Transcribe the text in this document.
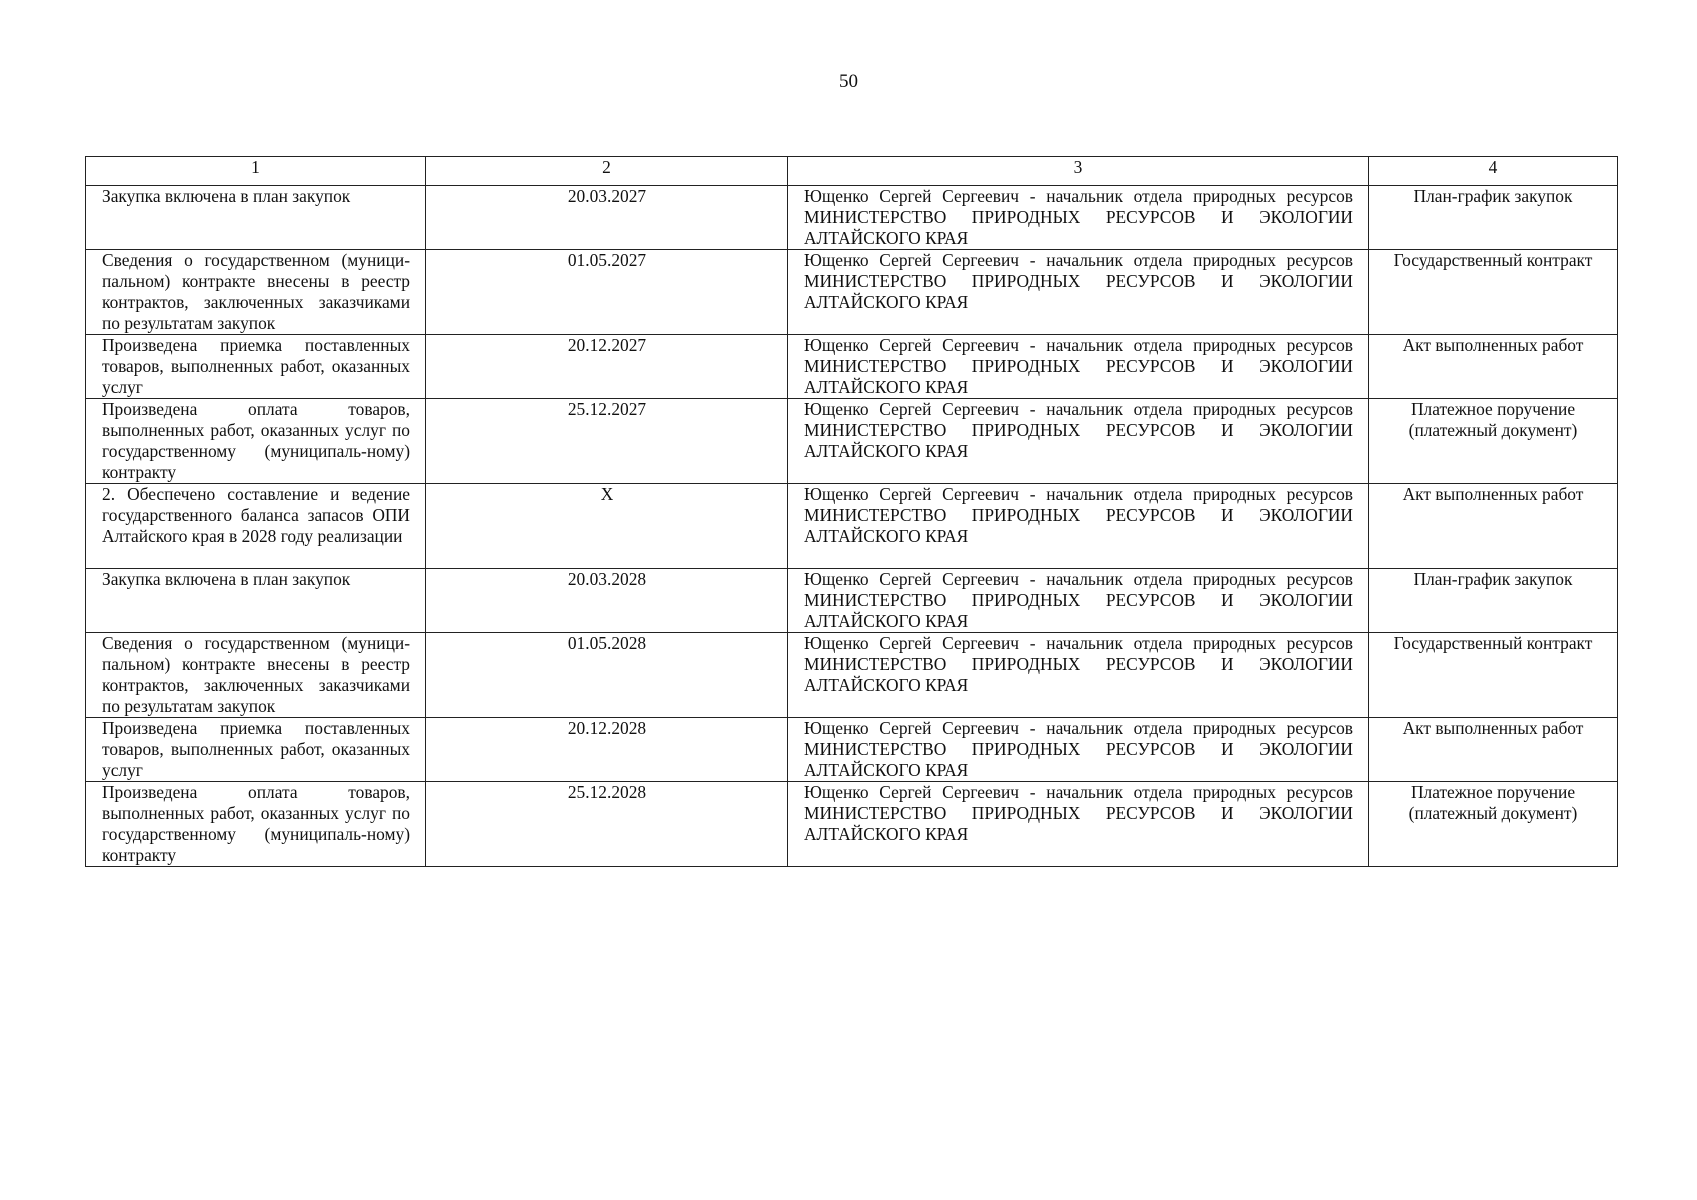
50
1	2	3	4
Закупка включена в план закупок	20.03.2027	Ющенко Сергей Сергеевич - начальник отдела природных ресурсов МИНИСТЕРСТВО ПРИРОДНЫХ РЕСУРСОВ И ЭКОЛОГИИ АЛТАЙСКОГО КРАЯ	План-график закупок
Сведения о государственном (муници-пальном) контракте внесены в реестр контрактов, заключенных заказчиками по результатам закупок	01.05.2027	Ющенко Сергей Сергеевич - начальник отдела природных ресурсов МИНИСТЕРСТВО ПРИРОДНЫХ РЕСУРСОВ И ЭКОЛОГИИ АЛТАЙСКОГО КРАЯ	Государственный контракт
Произведена приемка поставленных товаров, выполненных работ, оказанных услуг	20.12.2027	Ющенко Сергей Сергеевич - начальник отдела природных ресурсов МИНИСТЕРСТВО ПРИРОДНЫХ РЕСУРСОВ И ЭКОЛОГИИ АЛТАЙСКОГО КРАЯ	Акт выполненных работ
Произведена оплата товаров, выполненных работ, оказанных услуг по государственному (муниципаль-ному) контракту	25.12.2027	Ющенко Сергей Сергеевич - начальник отдела природных ресурсов МИНИСТЕРСТВО ПРИРОДНЫХ РЕСУРСОВ И ЭКОЛОГИИ АЛТАЙСКОГО КРАЯ	Платежное поручение (платежный документ)
2. Обеспечено составление и ведение государственного баланса запасов ОПИ Алтайского края в 2028 году реализации	X	Ющенко Сергей Сергеевич - начальник отдела природных ресурсов МИНИСТЕРСТВО ПРИРОДНЫХ РЕСУРСОВ И ЭКОЛОГИИ АЛТАЙСКОГО КРАЯ	Акт выполненных работ
Закупка включена в план закупок	20.03.2028	Ющенко Сергей Сергеевич - начальник отдела природных ресурсов МИНИСТЕРСТВО ПРИРОДНЫХ РЕСУРСОВ И ЭКОЛОГИИ АЛТАЙСКОГО КРАЯ	План-график закупок
Сведения о государственном (муници-пальном) контракте внесены в реестр контрактов, заключенных заказчиками по результатам закупок	01.05.2028	Ющенко Сергей Сергеевич - начальник отдела природных ресурсов МИНИСТЕРСТВО ПРИРОДНЫХ РЕСУРСОВ И ЭКОЛОГИИ АЛТАЙСКОГО КРАЯ	Государственный контракт
Произведена приемка поставленных товаров, выполненных работ, оказанных услуг	20.12.2028	Ющенко Сергей Сергеевич - начальник отдела природных ресурсов МИНИСТЕРСТВО ПРИРОДНЫХ РЕСУРСОВ И ЭКОЛОГИИ АЛТАЙСКОГО КРАЯ	Акт выполненных работ
Произведена оплата товаров, выполненных работ, оказанных услуг по государственному (муниципаль-ному) контракту	25.12.2028	Ющенко Сергей Сергеевич - начальник отдела природных ресурсов МИНИСТЕРСТВО ПРИРОДНЫХ РЕСУРСОВ И ЭКОЛОГИИ АЛТАЙСКОГО КРАЯ	Платежное поручение (платежный документ)
